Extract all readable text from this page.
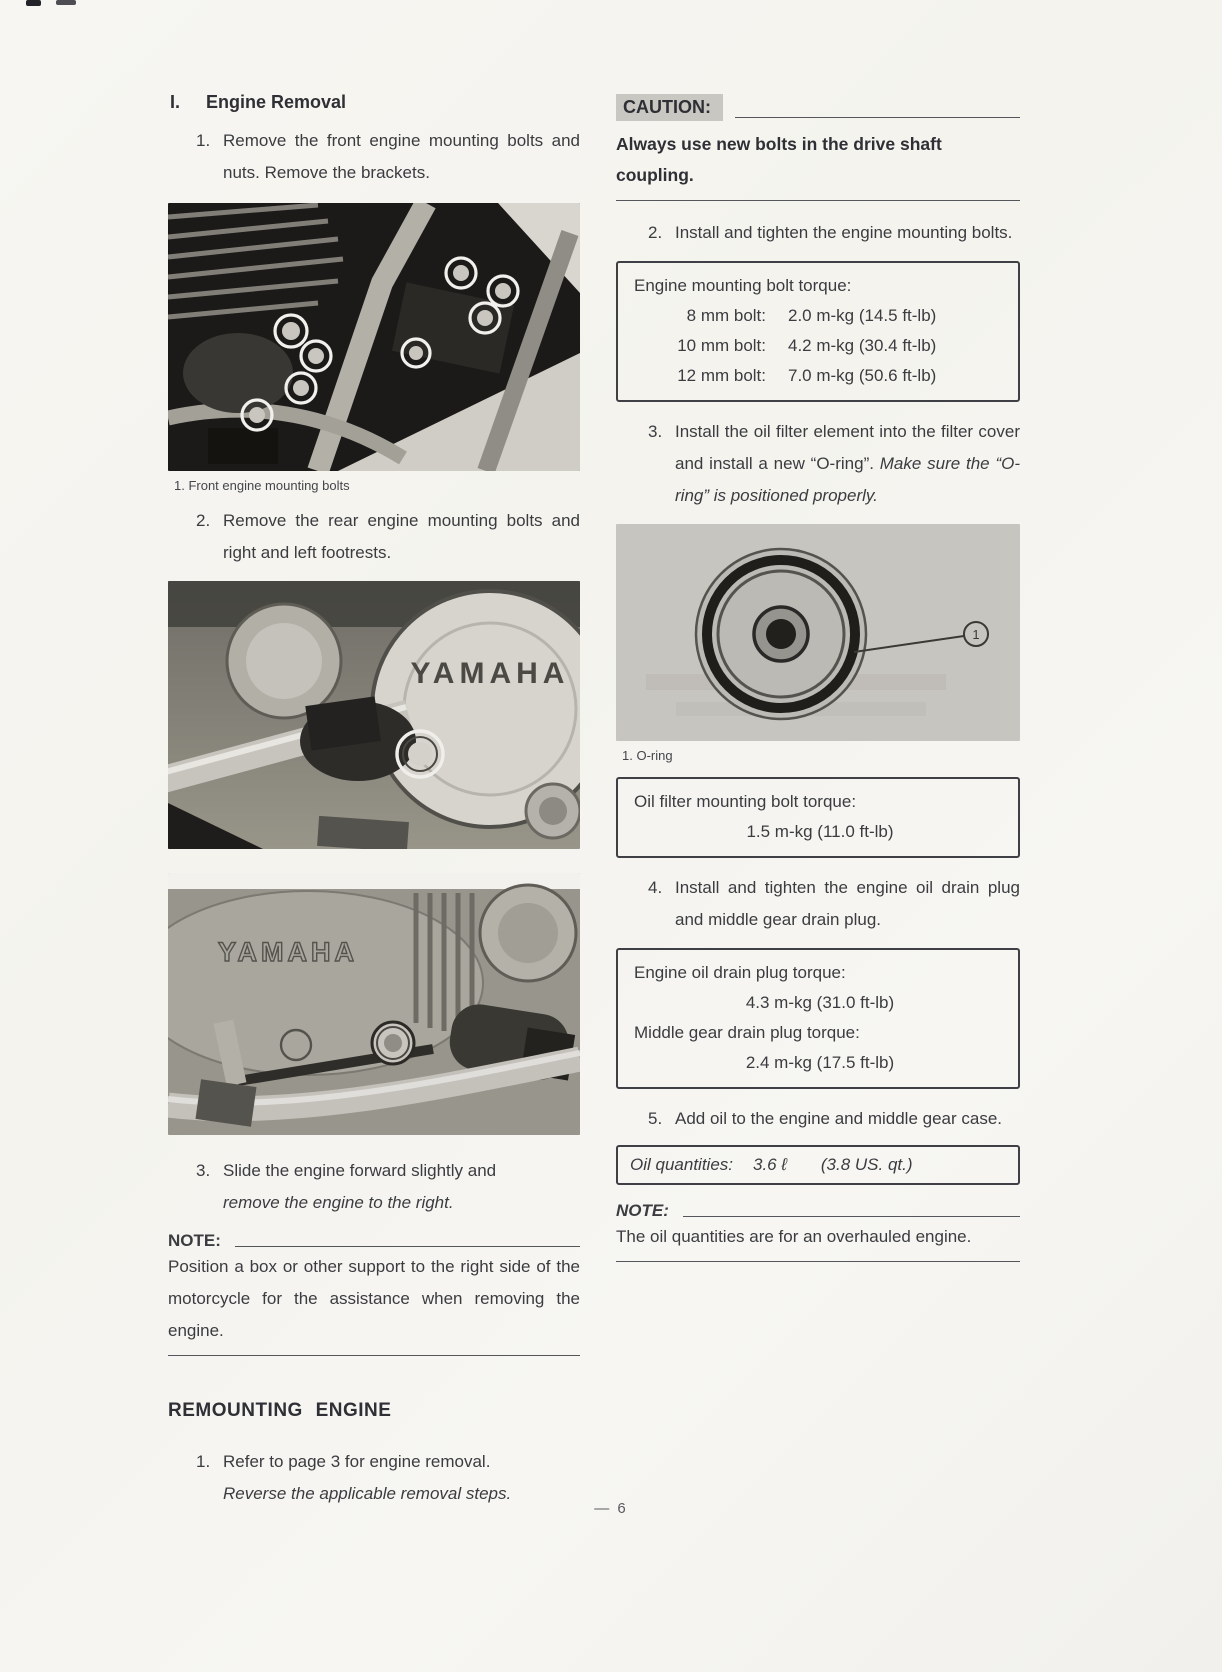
I.	Engine Removal
1. Remove the front engine mounting bolts and nuts. Remove the brackets.
1. Front engine mounting bolts
2. Remove the rear engine mounting bolts and right and left footrests.
YAMAHA
YAMAHA
3. Slide the engine forward slightly and
remove the engine to the right.
NOTE:
Position a box or other support to the right side of the motorcycle for the assistance when removing the engine.
REMOUNTING ENGINE
1. Refer to page 3 for engine removal.
Reverse the applicable removal steps.
CAUTION:
Always use new bolts in the drive shaft coupling.
2. Install and tighten the engine mounting bolts.
Engine mounting bolt torque:
8 mm bolt:	2.0 m-kg (14.5 ft-lb)
10 mm bolt:	4.2 m-kg (30.4 ft-lb)
12 mm bolt:	7.0 m-kg (50.6 ft-lb)
3. Install the oil filter element into the filter cover and install a new “O-ring”. Make sure the “O-ring” is positioned properly.
1
1. O-ring
Oil filter mounting bolt torque:
1.5 m-kg (11.0 ft-lb)
4. Install and tighten the engine oil drain plug and middle gear drain plug.
Engine oil drain plug torque:
4.3 m-kg (31.0 ft-lb)
Middle gear drain plug torque:
2.4 m-kg (17.5 ft-lb)
5. Add oil to the engine and middle gear case.
Oil quantities: 3.6 ℓ (3.8 US. qt.)
NOTE:
The oil quantities are for an overhauled engine.
— 6
